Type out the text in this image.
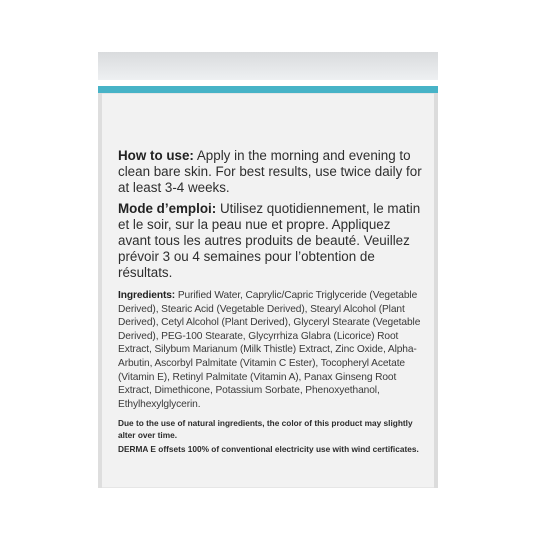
How to use: Apply in the morning and evening to clean bare skin. For best results, use twice daily for at least 3-4 weeks.

Mode d’emploi: Utilisez quotidiennement, le matin et le soir, sur la peau nue et propre. Appliquez avant tous les autres produits de beauté. Veuillez prévoir 3 ou 4 semaines pour l’obtention de résultats.

Ingredients: Purified Water, Caprylic/Capric Triglyceride (Vegetable Derived), Stearic Acid (Vegetable Derived), Stearyl Alcohol (Plant Derived), Cetyl Alcohol (Plant Derived), Glyceryl Stearate (Vegetable Derived), PEG-100 Stearate, Glycyrrhiza Glabra (Licorice) Root Extract, Silybum Marianum (Milk Thistle) Extract, Zinc Oxide, Alpha-Arbutin, Ascorbyl Palmitate (Vitamin C Ester), Tocopheryl Acetate (Vitamin E), Retinyl Palmitate (Vitamin A), Panax Ginseng Root Extract, Dimethicone, Potassium Sorbate, Phenoxyethanol, Ethylhexylglycerin.

Due to the use of natural ingredients, the color of this product may slightly alter over time.

DERMA E offsets 100% of conventional electricity use with wind certificates.
